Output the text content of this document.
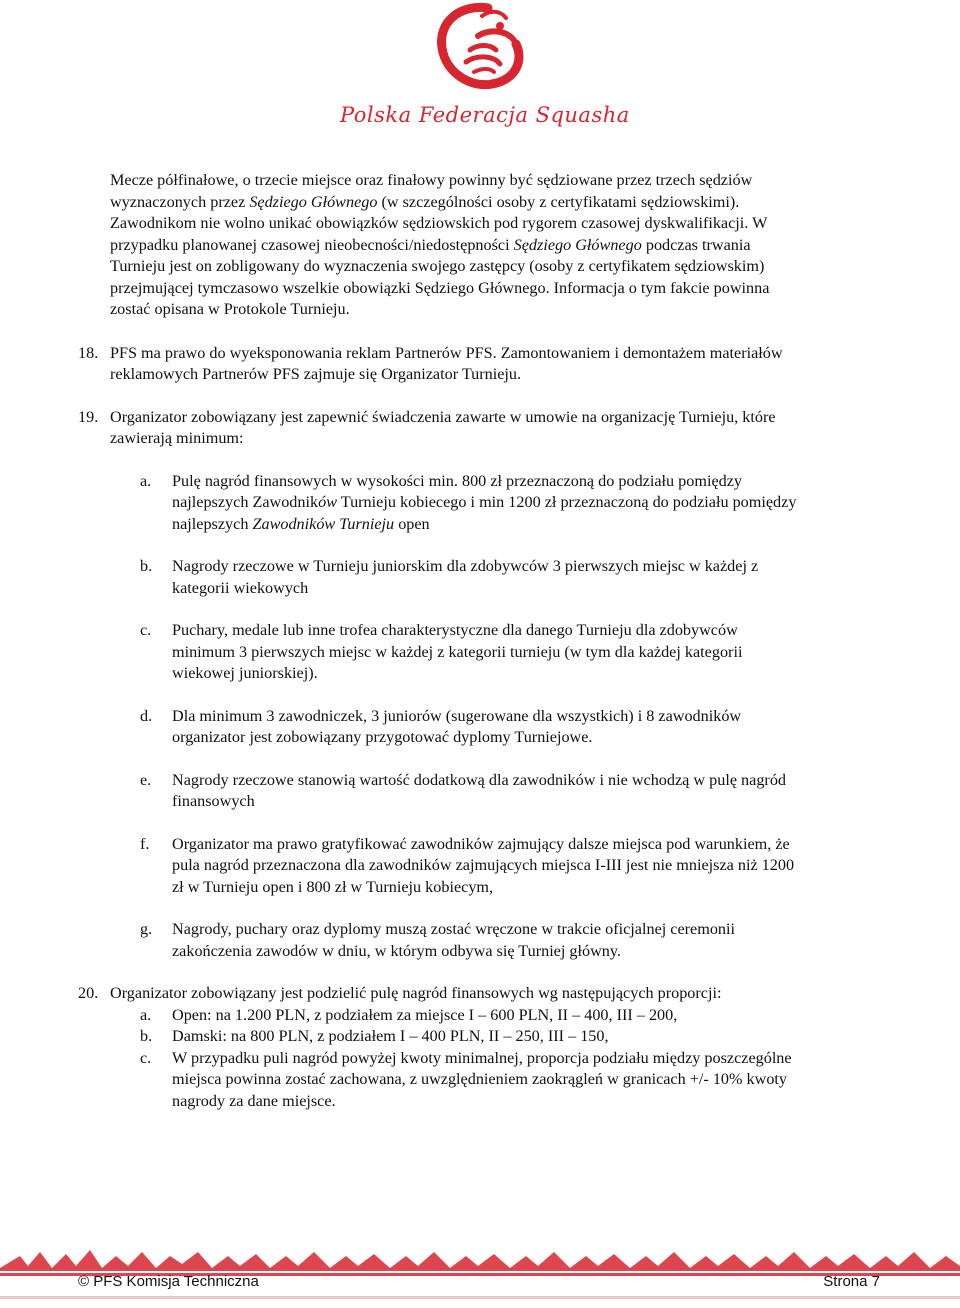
Polska Federacja Squasha

Mecze półfinałowe, o trzecie miejsce oraz finałowy powinny być sędziowane przez trzech sędziów
wyznaczonych przez Sędziego Głównego (w szczególności osoby z certyfikatami sędziowskimi).
Zawodnikom nie wolno unikać obowiązków sędziowskich pod rygorem czasowej dyskwalifikacji. W
przypadku planowanej czasowej nieobecności/niedostępności Sędziego Głównego podczas trwania
Turnieju jest on zobligowany do wyznaczenia swojego zastępcy (osoby z certyfikatem sędziowskim)
przejmującej tymczasowo wszelkie obowiązki Sędziego Głównego. Informacja o tym fakcie powinna
zostać opisana w Protokole Turnieju.

18. PFS ma prawo do wyeksponowania reklam Partnerów PFS. Zamontowaniem i demontażem materiałów
reklamowych Partnerów PFS zajmuje się Organizator Turnieju.

19. Organizator zobowiązany jest zapewnić świadczenia zawarte w umowie na organizację Turnieju, które
zawierają minimum:

a.	Pulę nagród finansowych w wysokości min. 800 zł przeznaczoną do podziału pomiędzy
najlepszych Zawodników Turnieju kobiecego i min 1200 zł przeznaczoną do podziału pomiędzy
najlepszych Zawodników Turnieju open

b.	Nagrody rzeczowe w Turnieju juniorskim dla zdobywców 3 pierwszych miejsc w każdej z
kategorii wiekowych

c.	Puchary, medale lub inne trofea charakterystyczne dla danego Turnieju dla zdobywców
minimum 3 pierwszych miejsc w każdej z kategorii turnieju (w tym dla każdej kategorii
wiekowej juniorskiej).

d.	Dla minimum 3 zawodniczek, 3 juniorów (sugerowane dla wszystkich) i 8 zawodników
organizator jest zobowiązany przygotować dyplomy Turniejowe.

e.	Nagrody rzeczowe stanowią wartość dodatkową dla zawodników i nie wchodzą w pulę nagród
finansowych

f.	Organizator ma prawo gratyfikować zawodników zajmujący dalsze miejsca pod warunkiem, że
pula nagród przeznaczona dla zawodników zajmujących miejsca I-III jest nie mniejsza niż 1200
zł w Turnieju open i 800 zł w Turnieju kobiecym,

g.	Nagrody, puchary oraz dyplomy muszą zostać wręczone w trakcie oficjalnej ceremonii
zakończenia zawodów w dniu, w którym odbywa się Turniej główny.

20. Organizator zobowiązany jest podzielić pulę nagród finansowych wg następujących proporcji:

a.	Open: na 1.200 PLN, z podziałem za miejsce I – 600 PLN, II – 400, III – 200,

b.	Damski: na 800 PLN, z podziałem I – 400 PLN, II – 250, III – 150,

c.	W przypadku puli nagród powyżej kwoty minimalnej, proporcja podziału między poszczególne
miejsca powinna zostać zachowana, z uwzględnieniem zaokrągleń w granicach +/- 10% kwoty
nagrody za dane miejsce.

© PFS Komisja Techniczna	Strona 7
